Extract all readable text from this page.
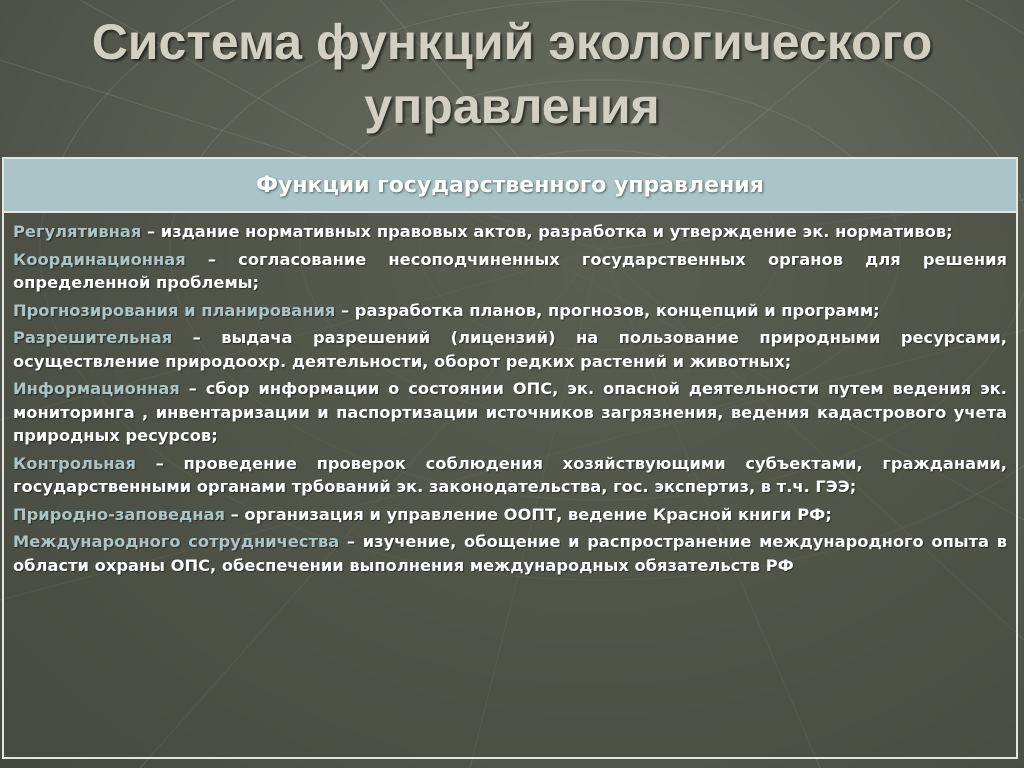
Система функций экологического управления
Функции государственного управления

Регулятивная – издание нормативных правовых актов, разработка и утверждение эк. нормативов;

Координационная – согласование несоподчиненных государственных органов для решения определенной проблемы;

Прогнозирования и планирования – разработка планов, прогнозов, концепций и программ;

Разрешительная – выдача разрешений (лицензий) на пользование природными ресурсами, осуществление природоохр. деятельности, оборот редких растений и животных;

Информационная – сбор информации о состоянии ОПС, эк. опасной деятельности путем ведения эк. мониторинга , инвентаризации и паспортизации источников загрязнения, ведения кадастрового учета природных ресурсов;

Контрольная – проведение проверок соблюдения хозяйствующими субъектами, гражданами, государственными органами трбований эк. законодательства, гос. экспертиз, в т.ч. ГЭЭ;

Природно-заповедная – организация и управление ООПТ, ведение Красной книги РФ;

Международного сотрудничества – изучение, обощение и распространение международного опыта в области охраны ОПС, обеспечении выполнения международных обязательств РФ
